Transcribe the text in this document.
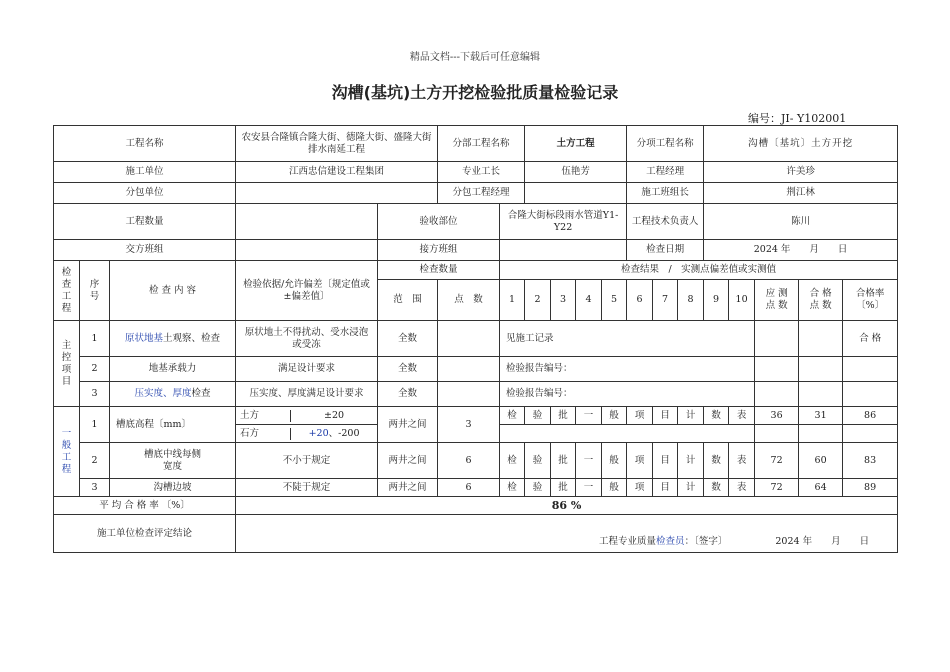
精品文档---下载后可任意编辑
沟槽(基坑)土方开挖检验批质量检验记录
编号：JI- Y102001
工程名称			农安县合隆镇合隆大街、德隆大街、盛隆大街排水南延工程		分部工程名称		土方工程				分项工程名称			沟槽〔基坑〕土方开挖				
施工单位			江西忠信建设工程集团		专业工长		伍艳芳				工程经理			许美珍				
分包单位					分包工程经理						施工班组长			荆江林				
工程数量				验收部位		合隆大街标段雨水管道Y1-Y22					工程技术负责人			陈川				
交方班组				接方班组							检查日期			2024 年　　月　　日				
检查工程	序号	检 查 内 容	检验依据/允许偏差〔规定值或±偏差值〕	检查数量		检查结果　/　实测点偏差值或实测值												
				范　围	点　数	1	2	3	4	5	6	7	8	9	10	应 测点 数	合 格点 数	合格率〔%〕
主控项目	1	原状地基土观察、检查	原状地土不得扰动、受水浸泡或受冻	全数		见施工记录												合 格
	2	地基承载力	满足设计要求	全数		检验报告编号：												
	3	压实度、厚度检查	压实度、厚度满足设计要求	全数		检验报告编号：												
一般工程	1	槽底高程〔mm〕	土方 ±20	两井之间	3	检	验	批	一	般	项	目	计	数	表	36	31	86

			石方 +20、-200															

	2	槽底中线每侧宽度	不小于规定	两井之间	6	检	验	批	一	般	项	目	计	数	表	72	60	83
	3	沟槽边坡	不陡于规定	两井之间	6	检	验	批	一	般	项	目	计	数	表	72	64	89
平 均 合 格 率 〔%〕			86 %															
施工单位检查评定结论			工程专业质量检查员：〔签字〕 2024 年　　月　　日															
